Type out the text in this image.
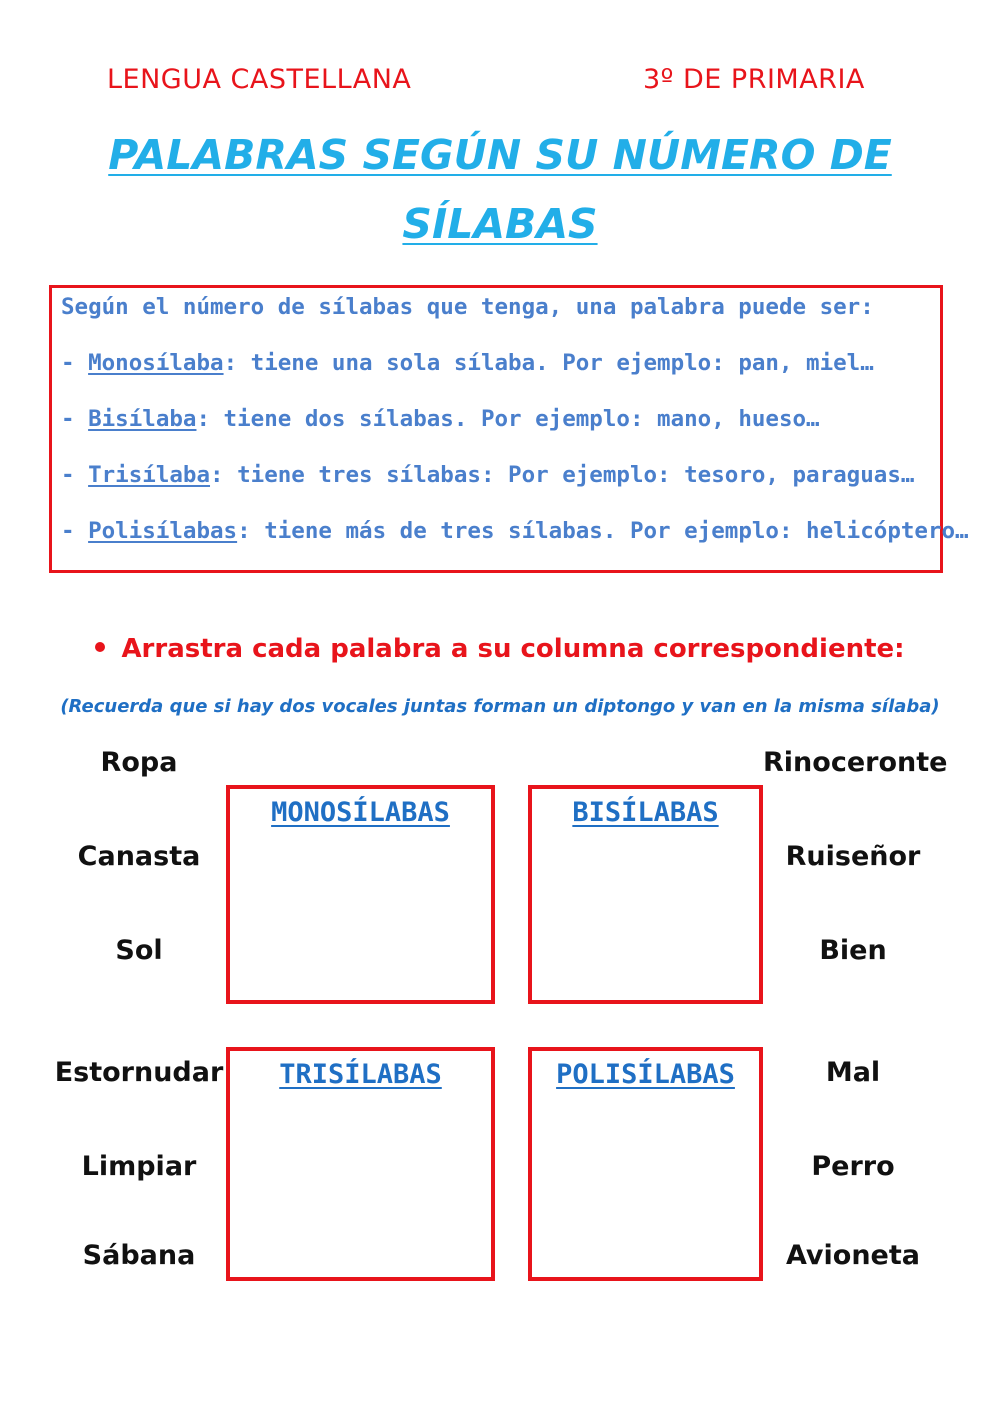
LENGUA CASTELLANA	3º DE PRIMARIA
PALABRAS SEGÚN SU NÚMERO DE
SÍLABAS
Según el número de sílabas que tenga, una palabra puede ser:
- Monosílaba: tiene una sola sílaba. Por ejemplo: pan, miel…
- Bisílaba: tiene dos sílabas. Por ejemplo: mano, hueso…
- Trisílaba: tiene tres sílabas: Por ejemplo: tesoro, paraguas…
- Polisílabas: tiene más de tres sílabas. Por ejemplo: helicóptero…
Arrastra cada palabra a su columna correspondiente:
(Recuerda que si hay dos vocales juntas forman un diptongo y van en la misma sílaba)
MONOSÍLABAS	BISÍLABAS
TRISÍLABAS	POLISÍLABAS
Ropa
Canasta
Sol
Estornudar
Limpiar
Sábana
Rinoceronte
Ruiseñor
Bien
Mal
Perro
Avioneta
